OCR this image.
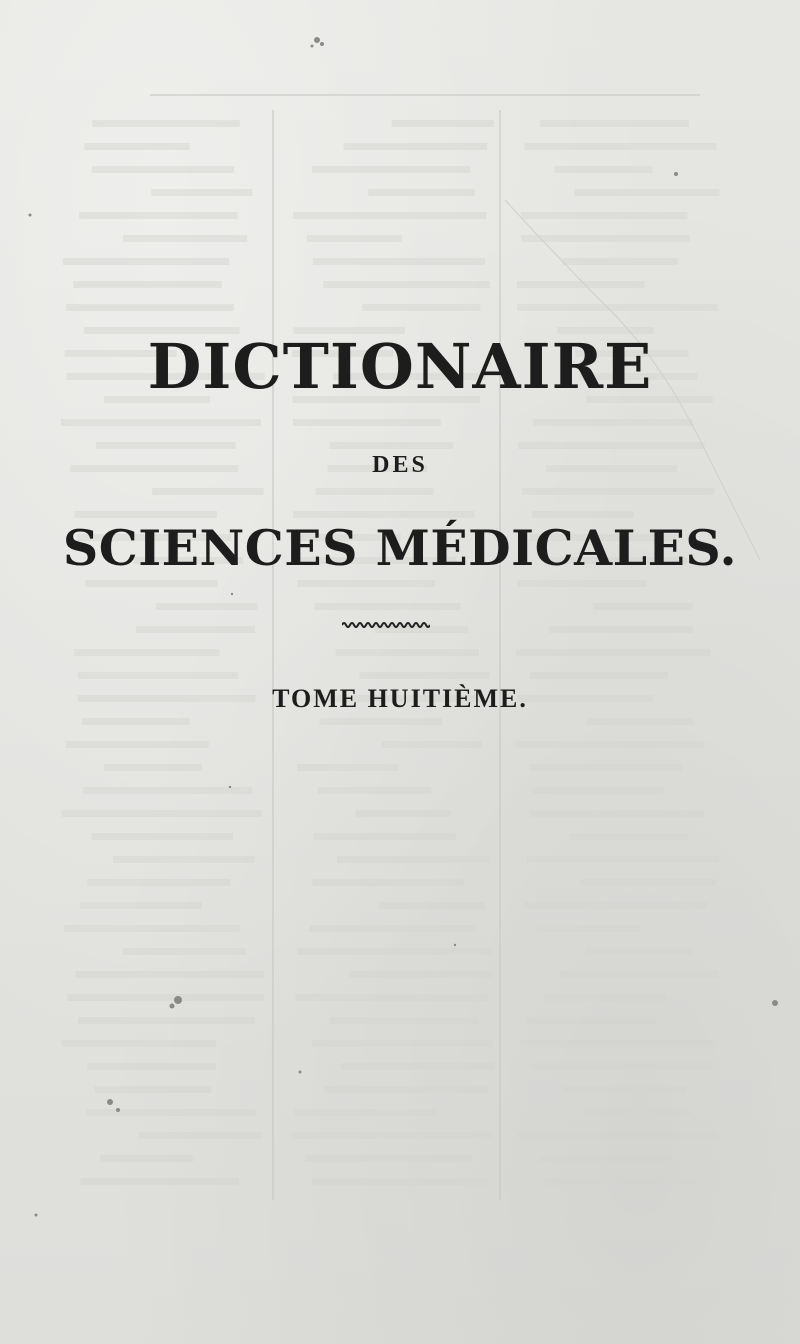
DICTIONAIRE
DES
SCIENCES MÉDICALES.
TOME HUITIÈME.
